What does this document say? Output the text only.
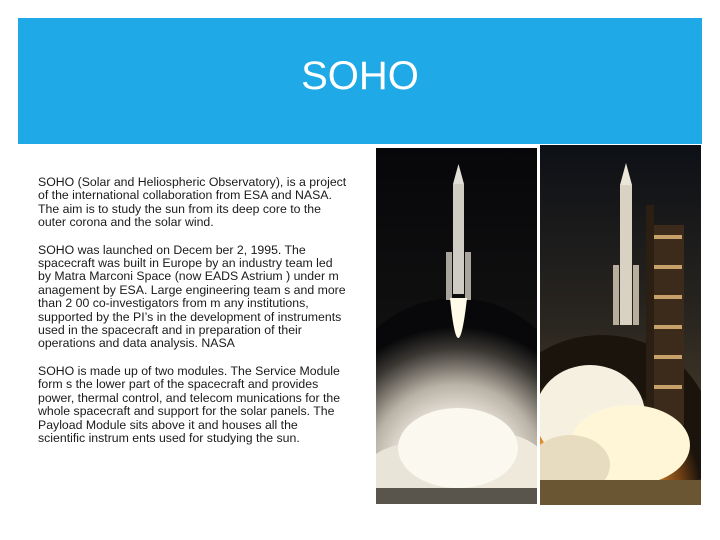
SOHO

SOHO (Solar and Heliospheric Observatory), is a project of the international collaboration from ESA and NASA. The aim is to study the sun from its deep core to the outer corona and the solar wind.

SOHO was launched on Decem ber 2, 1995. The spacecraft was built in Europe by an industry team led by Matra Marconi Space (now EADS Astrium ) under m anagement by ESA. Large engineering team s and more than 2 00 co-investigators from m any institutions, supported by the PI’s in the development of instruments used in the spacecraft and in preparation of their operations and data analysis. NASA

SOHO is made up of two modules. The Service Module form s the lower part of the spacecraft and provides power, thermal control, and telecom munications for the whole spacecraft and support for the solar panels. The Payload Module sits above it and houses all the scientific instrum ents used for studying the sun.
